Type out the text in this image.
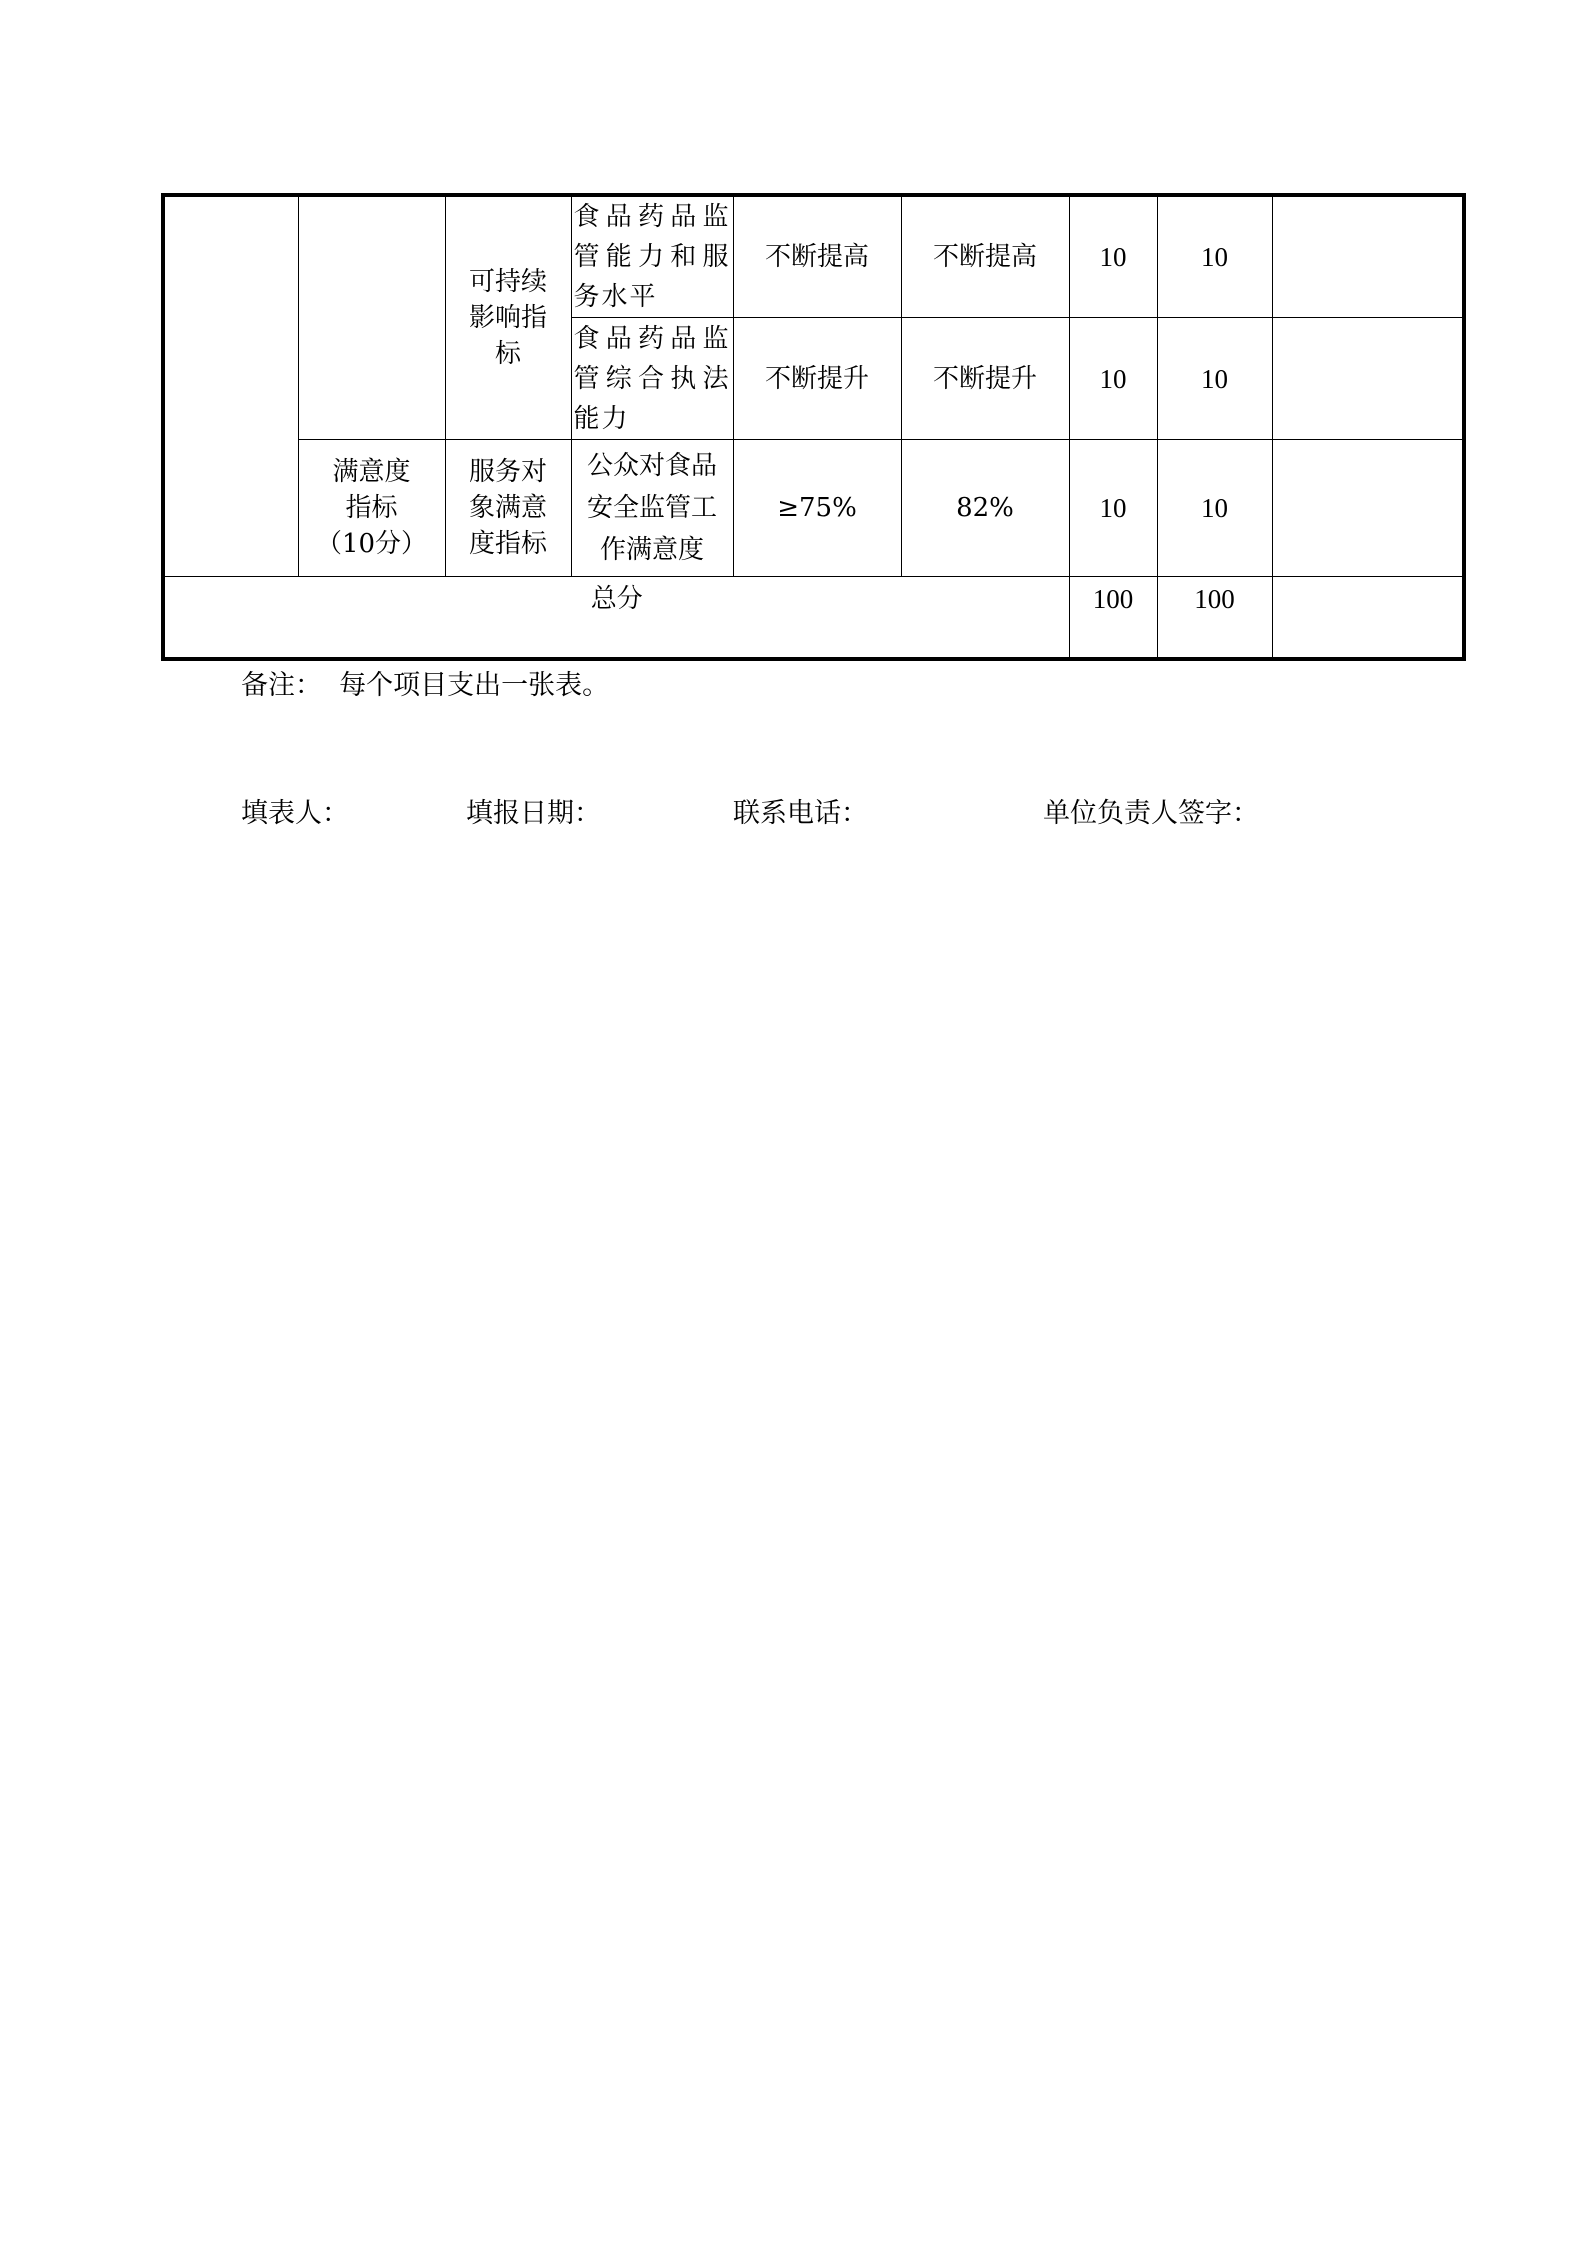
		可持续
影响指
标	食品药品监
管能力和服
务水平	不断提高	不断提高	10	10	

			食品药品监
管综合执法
能力	不断提升	不断提升	10	10	

	满意度
指标
（10分）	服务对
象满意
度指标	公众对食品
安全监管工
作满意度	≥75%	82%	10	10	
总分						100	100	
备注： 每个项目支出一张表。
填表人：	填报日期：	联系电话：	单位负责人签字：
